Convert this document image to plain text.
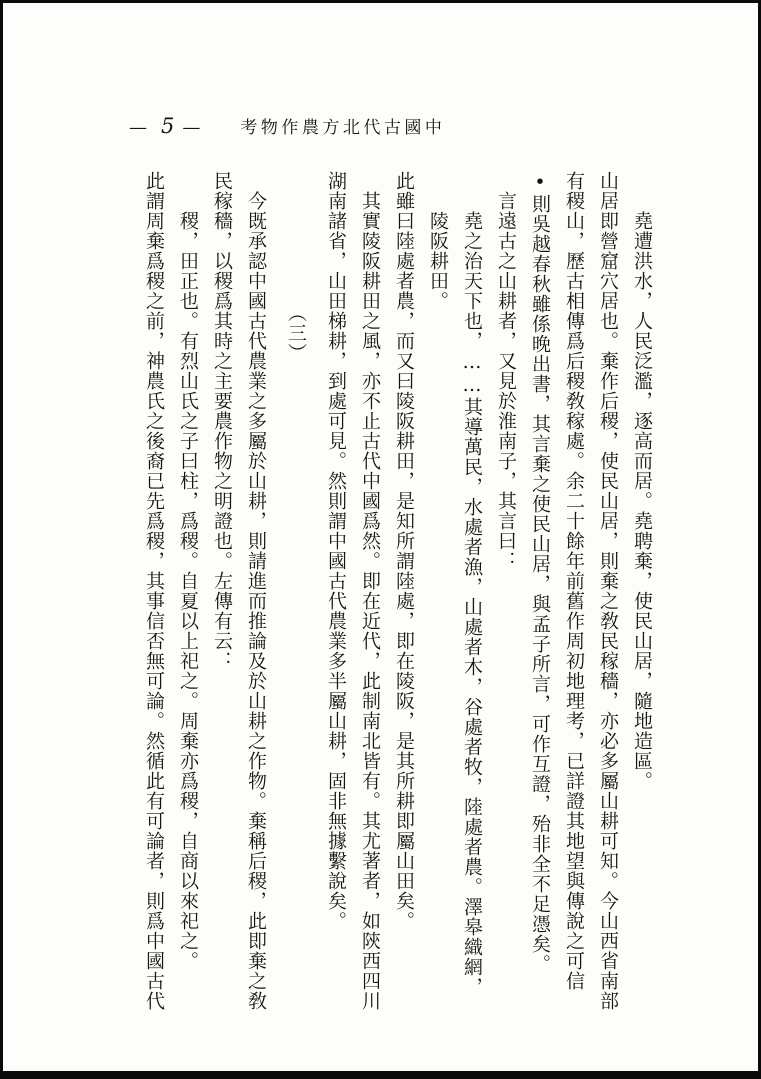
— 5 — 考物作農方北代古國中
堯遭洪水，人民泛濫，逐高而居。堯聘棄，使民山居，隨地造區。
山居即營窟穴居也。棄作后稷，使民山居，則棄之敎民稼穡，亦必多屬山耕可知。今山西省南部有稷山，歷古相傳爲后稷敎稼處。余二十餘年前舊作周初地理考，已詳證其地望與傳說之可信•則吳越春秋雖係晚出書，其言棄之使民山居，與孟子所言，可作互證，殆非全不足憑矣。
言遠古之山耕者，又見於淮南子，其言曰：
堯之治天下也，……其導萬民，水處者漁，山處者木，谷處者牧，陸處者農。澤皋織網，陵阪耕田。
此雖曰陸處者農，而又曰陵阪耕田，是知所謂陸處，即在陵阪，是其所耕即屬山田矣。
其實陵阪耕田之風，亦不止古代中國爲然。即在近代，此制南北皆有。其尤著者，如陝西四川湖南諸省，山田梯耕，到處可見。然則謂中國古代農業多半屬山耕，固非無據繫說矣。
（三）
今既承認中國古代農業之多屬於山耕，則請進而推論及於山耕之作物。棄稱后稷，此即棄之敎民稼穡，以稷爲其時之主要農作物之明證也。左傳有云：
稷，田正也。有烈山氏之子曰柱，爲稷。自夏以上祀之。周棄亦爲稷，自商以來祀之。
此謂周棄爲稷之前，神農氏之後裔已先爲稷，其事信否無可論。然循此有可論者，則爲中國古代
